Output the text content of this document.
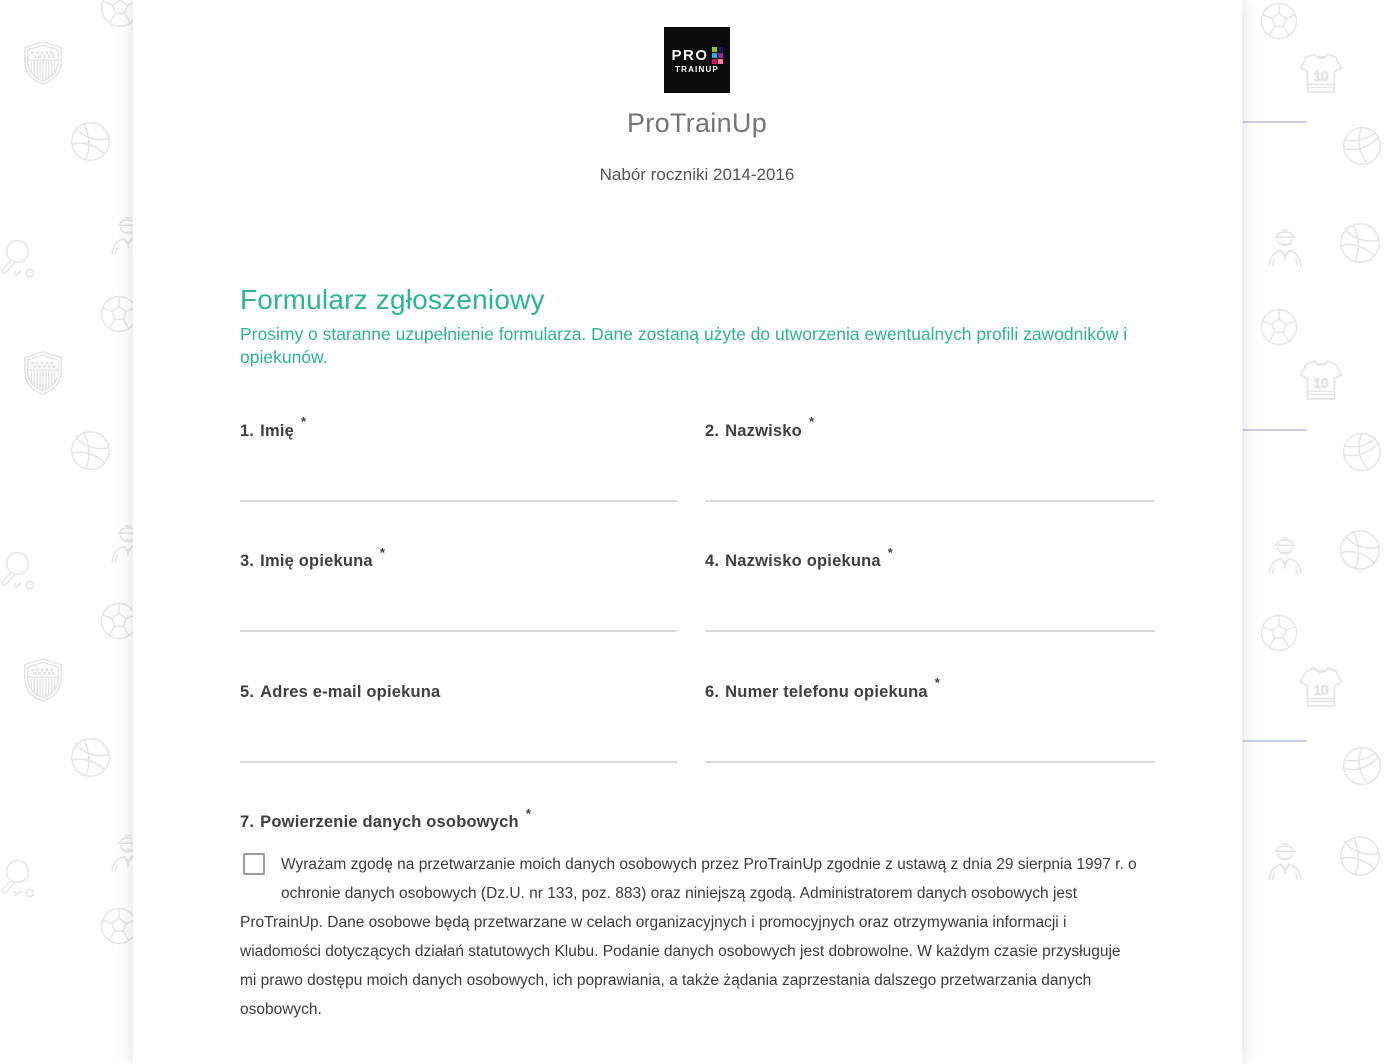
PRO
TRAINUP
ProTrainUp
Nabór roczniki 2014-2016
Formularz zgłoszeniowy

Prosimy o staranne uzupełnienie formularza. Dane zostaną użyte do utworzenia ewentualnych profili zawodników i opiekunów.

1. Imię *	2. Nazwisko *
3. Imię opiekuna *	4. Nazwisko opiekuna *
5. Adres e-mail opiekuna	6. Numer telefonu opiekuna *
7. Powierzenie danych osobowych *

Wyrażam zgodę na przetwarzanie moich danych osobowych przez ProTrainUp zgodnie z ustawą z dnia 29 sierpnia 1997 r. o ochronie danych osobowych (Dz.U. nr 133, poz. 883) oraz niniejszą zgodą. Administratorem danych osobowych jest ProTrainUp. Dane osobowe będą przetwarzane w celach organizacyjnych i promocyjnych oraz otrzymywania informacji i wiadomości dotyczących działań statutowych Klubu. Podanie danych osobowych jest dobrowolne. W każdym czasie przysługuje mi prawo dostępu moich danych osobowych, ich poprawiania, a także żądania zaprzestania dalszego przetwarzania danych osobowych.
